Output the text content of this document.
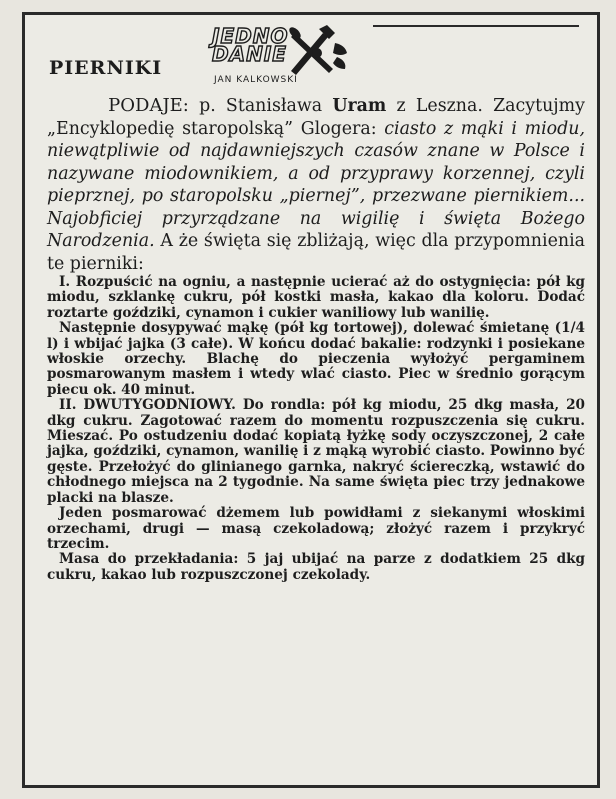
PIERNIKI
JEDNO DANIE
JAN KALKOWSKI

PODAJE: p. Stanisława Uram z Leszna. Zacytujmy „Encyklopedię staropolską” Glogera: ciasto z mąki i miodu, niewątpliwie od najdawniejszych czasów znane w Polsce i nazywane miodownikiem, a od przyprawy korzennej, czyli pieprznej, po staropolsku „piernej”, przezwane piernikiem... Najobficiej przyrządzane na wigilię i święta Bożego Narodzenia. A że święta się zbliżają, więc dla przypomnienia te pierniki:

I. Rozpuścić na ogniu, a następnie ucierać aż do ostygnięcia: pół kg miodu, szklankę cukru, pół kostki masła, kakao dla koloru. Dodać roztarte goździki, cynamon i cukier waniliowy lub wanilię.

Następnie dosypywać mąkę (pół kg tortowej), dolewać śmietanę (1/4 l) i wbijać jajka (3 całe). W końcu dodać bakalie: rodzynki i posiekane włoskie orzechy. Blachę do pieczenia wyłożyć pergaminem posmarowanym masłem i wtedy wlać ciasto. Piec w średnio gorącym piecu ok. 40 minut.

II. DWUTYGODNIOWY. Do rondla: pół kg miodu, 25 dkg masła, 20 dkg cukru. Zagotować razem do momentu rozpuszczenia się cukru. Mieszać. Po ostudzeniu dodać kopiatą łyżkę sody oczyszczonej, 2 całe jajka, goździki, cynamon, wanilię i z mąką wyrobić ciasto. Powinno być gęste. Przełożyć do glinianego garnka, nakryć ściereczką, wstawić do chłodnego miejsca na 2 tygodnie. Na same święta piec trzy jednakowe placki na blasze.

Jeden posmarować dżemem lub powidłami z siekanymi włoskimi orzechami, drugi — masą czekoladową; złożyć razem i przykryć trzecim.

Masa do przekładania: 5 jaj ubijać na parze z dodatkiem 25 dkg cukru, kakao lub rozpuszczonej czekolady.
